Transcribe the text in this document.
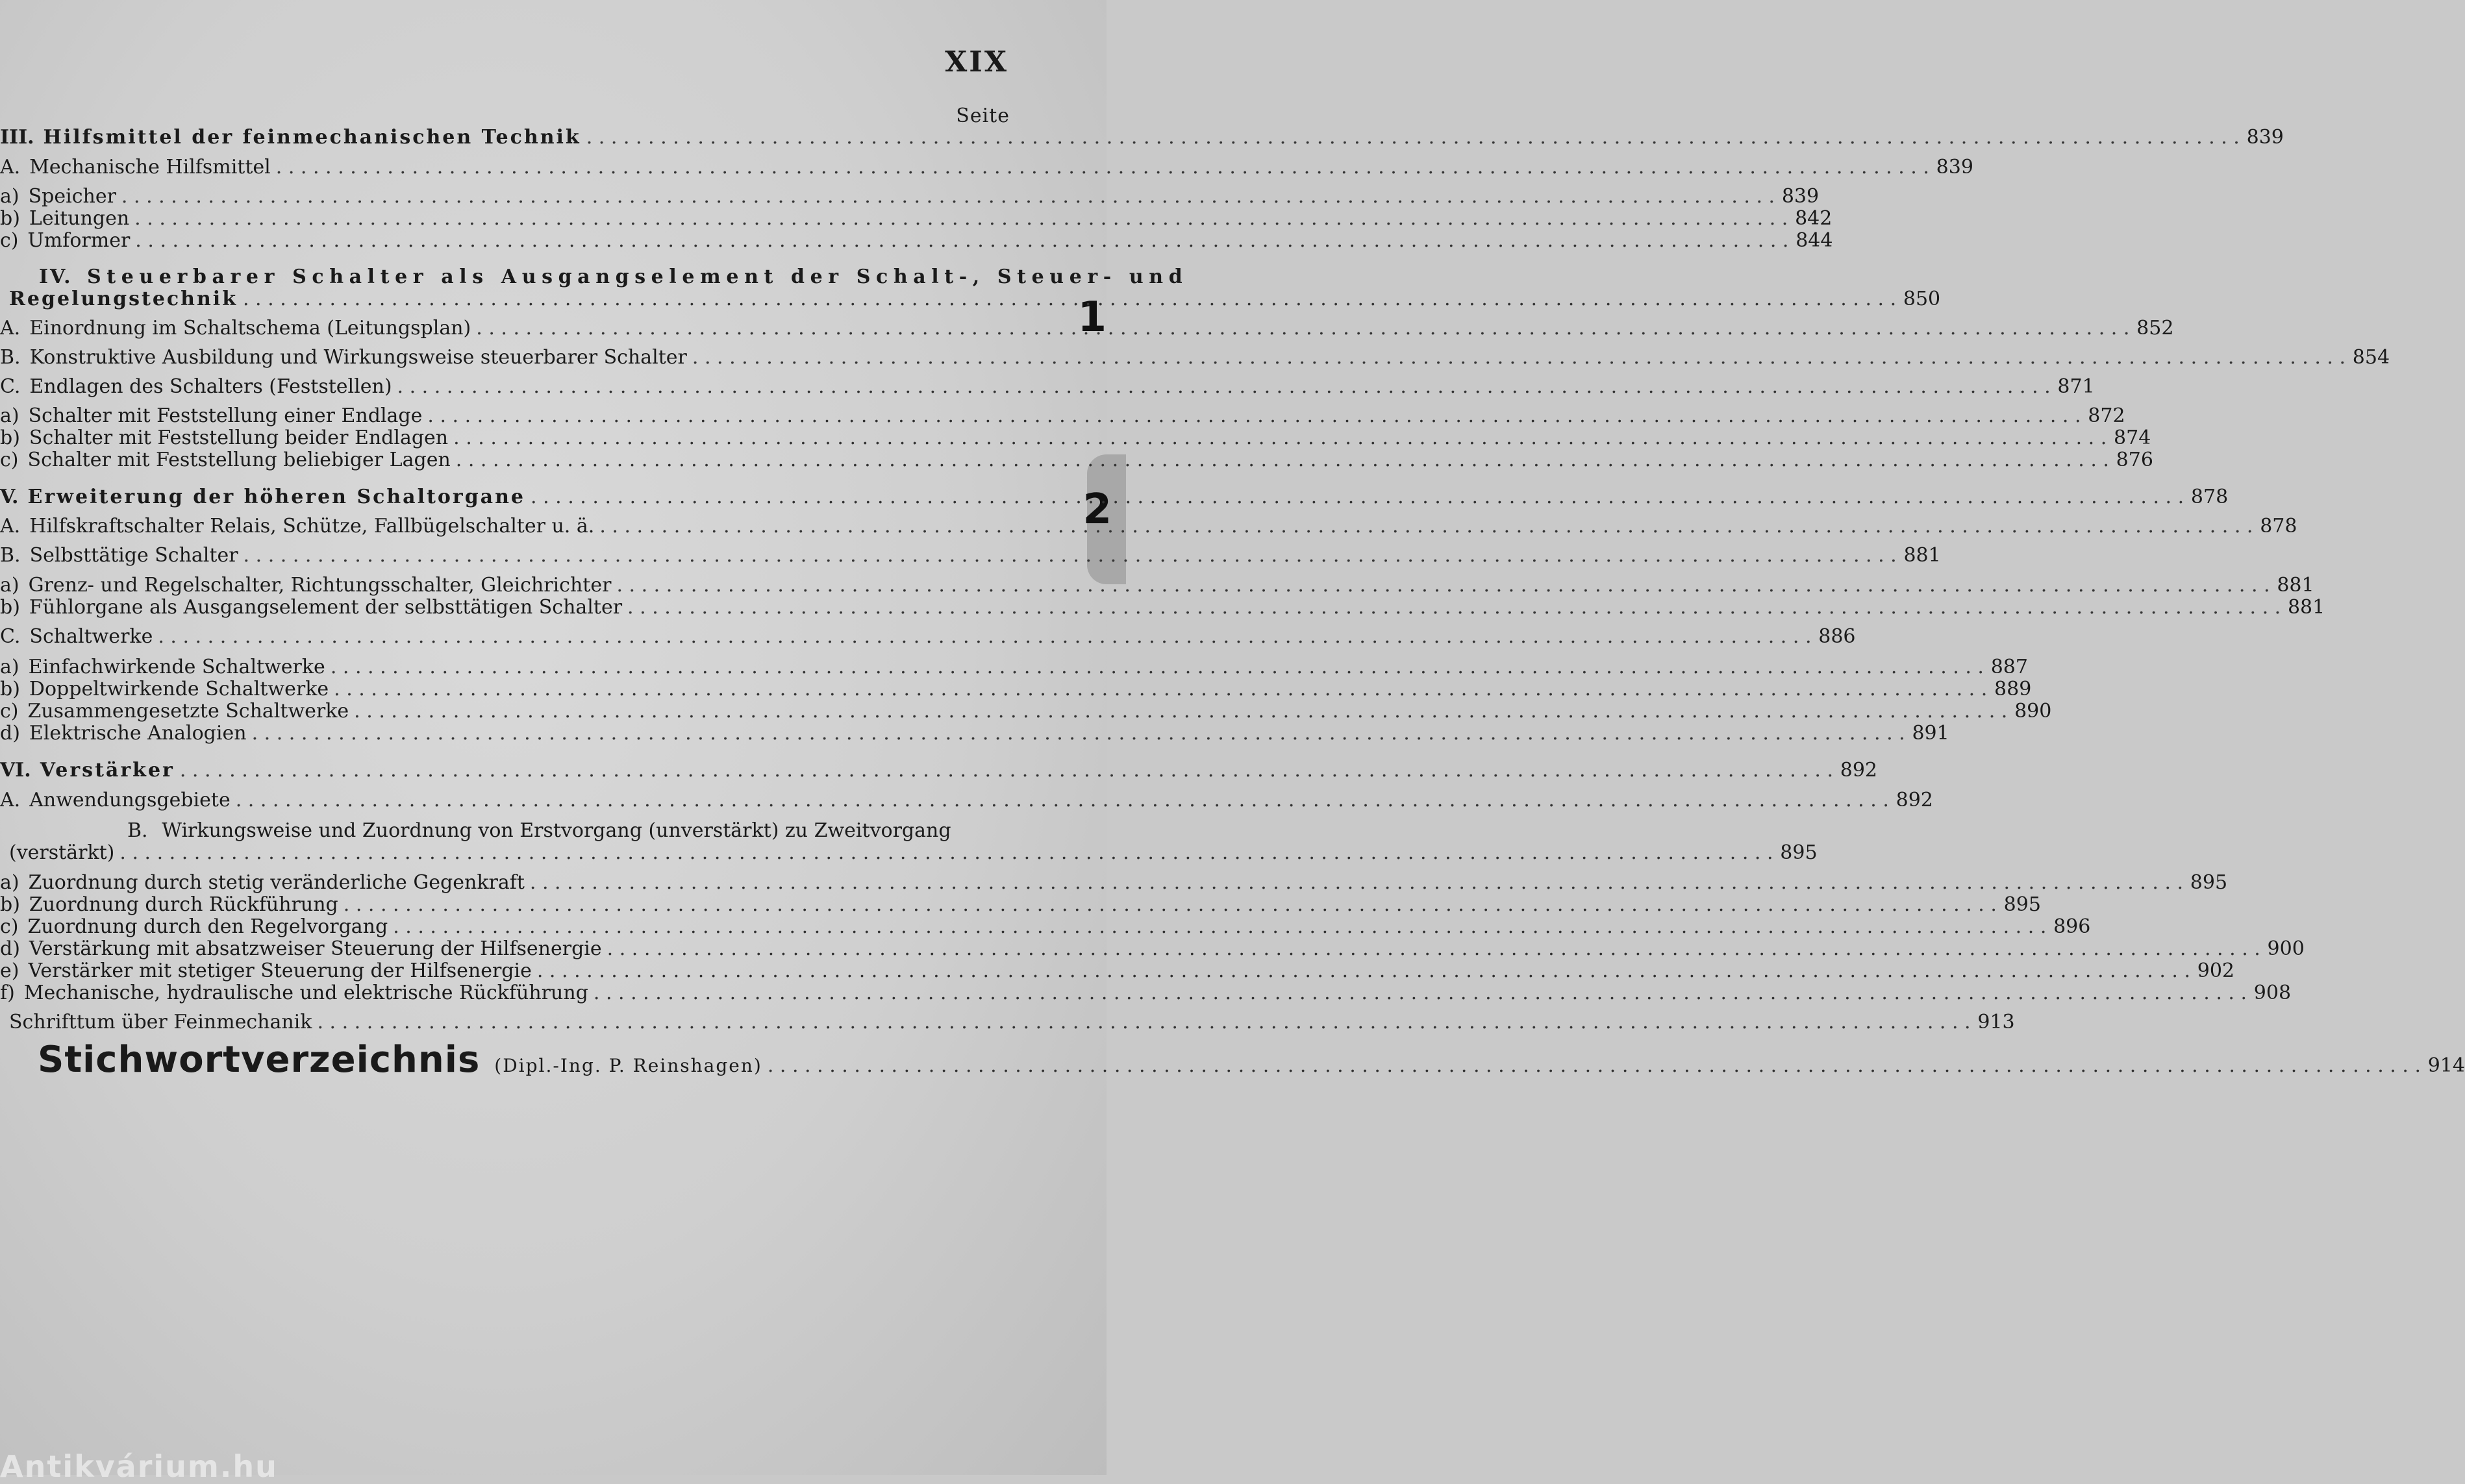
1
2
XIX
Seite
III. Hilfsmittel der feinmechanischen Technik . . .	839
A. Mechanische Hilfsmittel . . .	839
a) Speicher . . .	839
b) Leitungen . . .	842
c) Umformer . . .	844
IV. Steuerbarer Schalter als Ausgangselement der Schalt-, Steuer- und
Regelungstechnik . . .	850
A. Einordnung im Schaltschema (Leitungsplan) . . .	852
B. Konstruktive Ausbildung und Wirkungsweise steuerbarer Schalter . . .	854
C. Endlagen des Schalters (Feststellen) . . .	871
a) Schalter mit Feststellung einer Endlage . . .	872
b) Schalter mit Feststellung beider Endlagen . . .	874
c) Schalter mit Feststellung beliebiger Lagen . . .	876
V. Erweiterung der höheren Schaltorgane . . .	878
A. Hilfskraftschalter Relais, Schütze, Fallbügelschalter u. ä. . . .	878
B. Selbsttätige Schalter . . .	881
a) Grenz- und Regelschalter, Richtungsschalter, Gleichrichter . . .	881
b) Fühlorgane als Ausgangselement der selbsttätigen Schalter . . .	881
C. Schaltwerke . . .	886
a) Einfachwirkende Schaltwerke . . .	887
b) Doppeltwirkende Schaltwerke . . .	889
c) Zusammengesetzte Schaltwerke . . .	890
d) Elektrische Analogien . . .	891
VI. Verstärker . . .	892
A. Anwendungsgebiete . . .	892
B. Wirkungsweise und Zuordnung von Erstvorgang (unverstärkt) zu Zweitvorgang
(verstärkt) . . .	895
a) Zuordnung durch stetig veränderliche Gegenkraft . . .	895
b) Zuordnung durch Rückführung . . .	895
c) Zuordnung durch den Regelvorgang . . .	896
d) Verstärkung mit absatzweiser Steuerung der Hilfsenergie . . .	900
e) Verstärker mit stetiger Steuerung der Hilfsenergie . . .	902
f) Mechanische, hydraulische und elektrische Rückführung . . .	908
Schrifttum über Feinmechanik . . .	913
Stichwortverzeichnis (Dipl.-Ing. P. Reinshagen) . . .	914
Antikvárium.hu
